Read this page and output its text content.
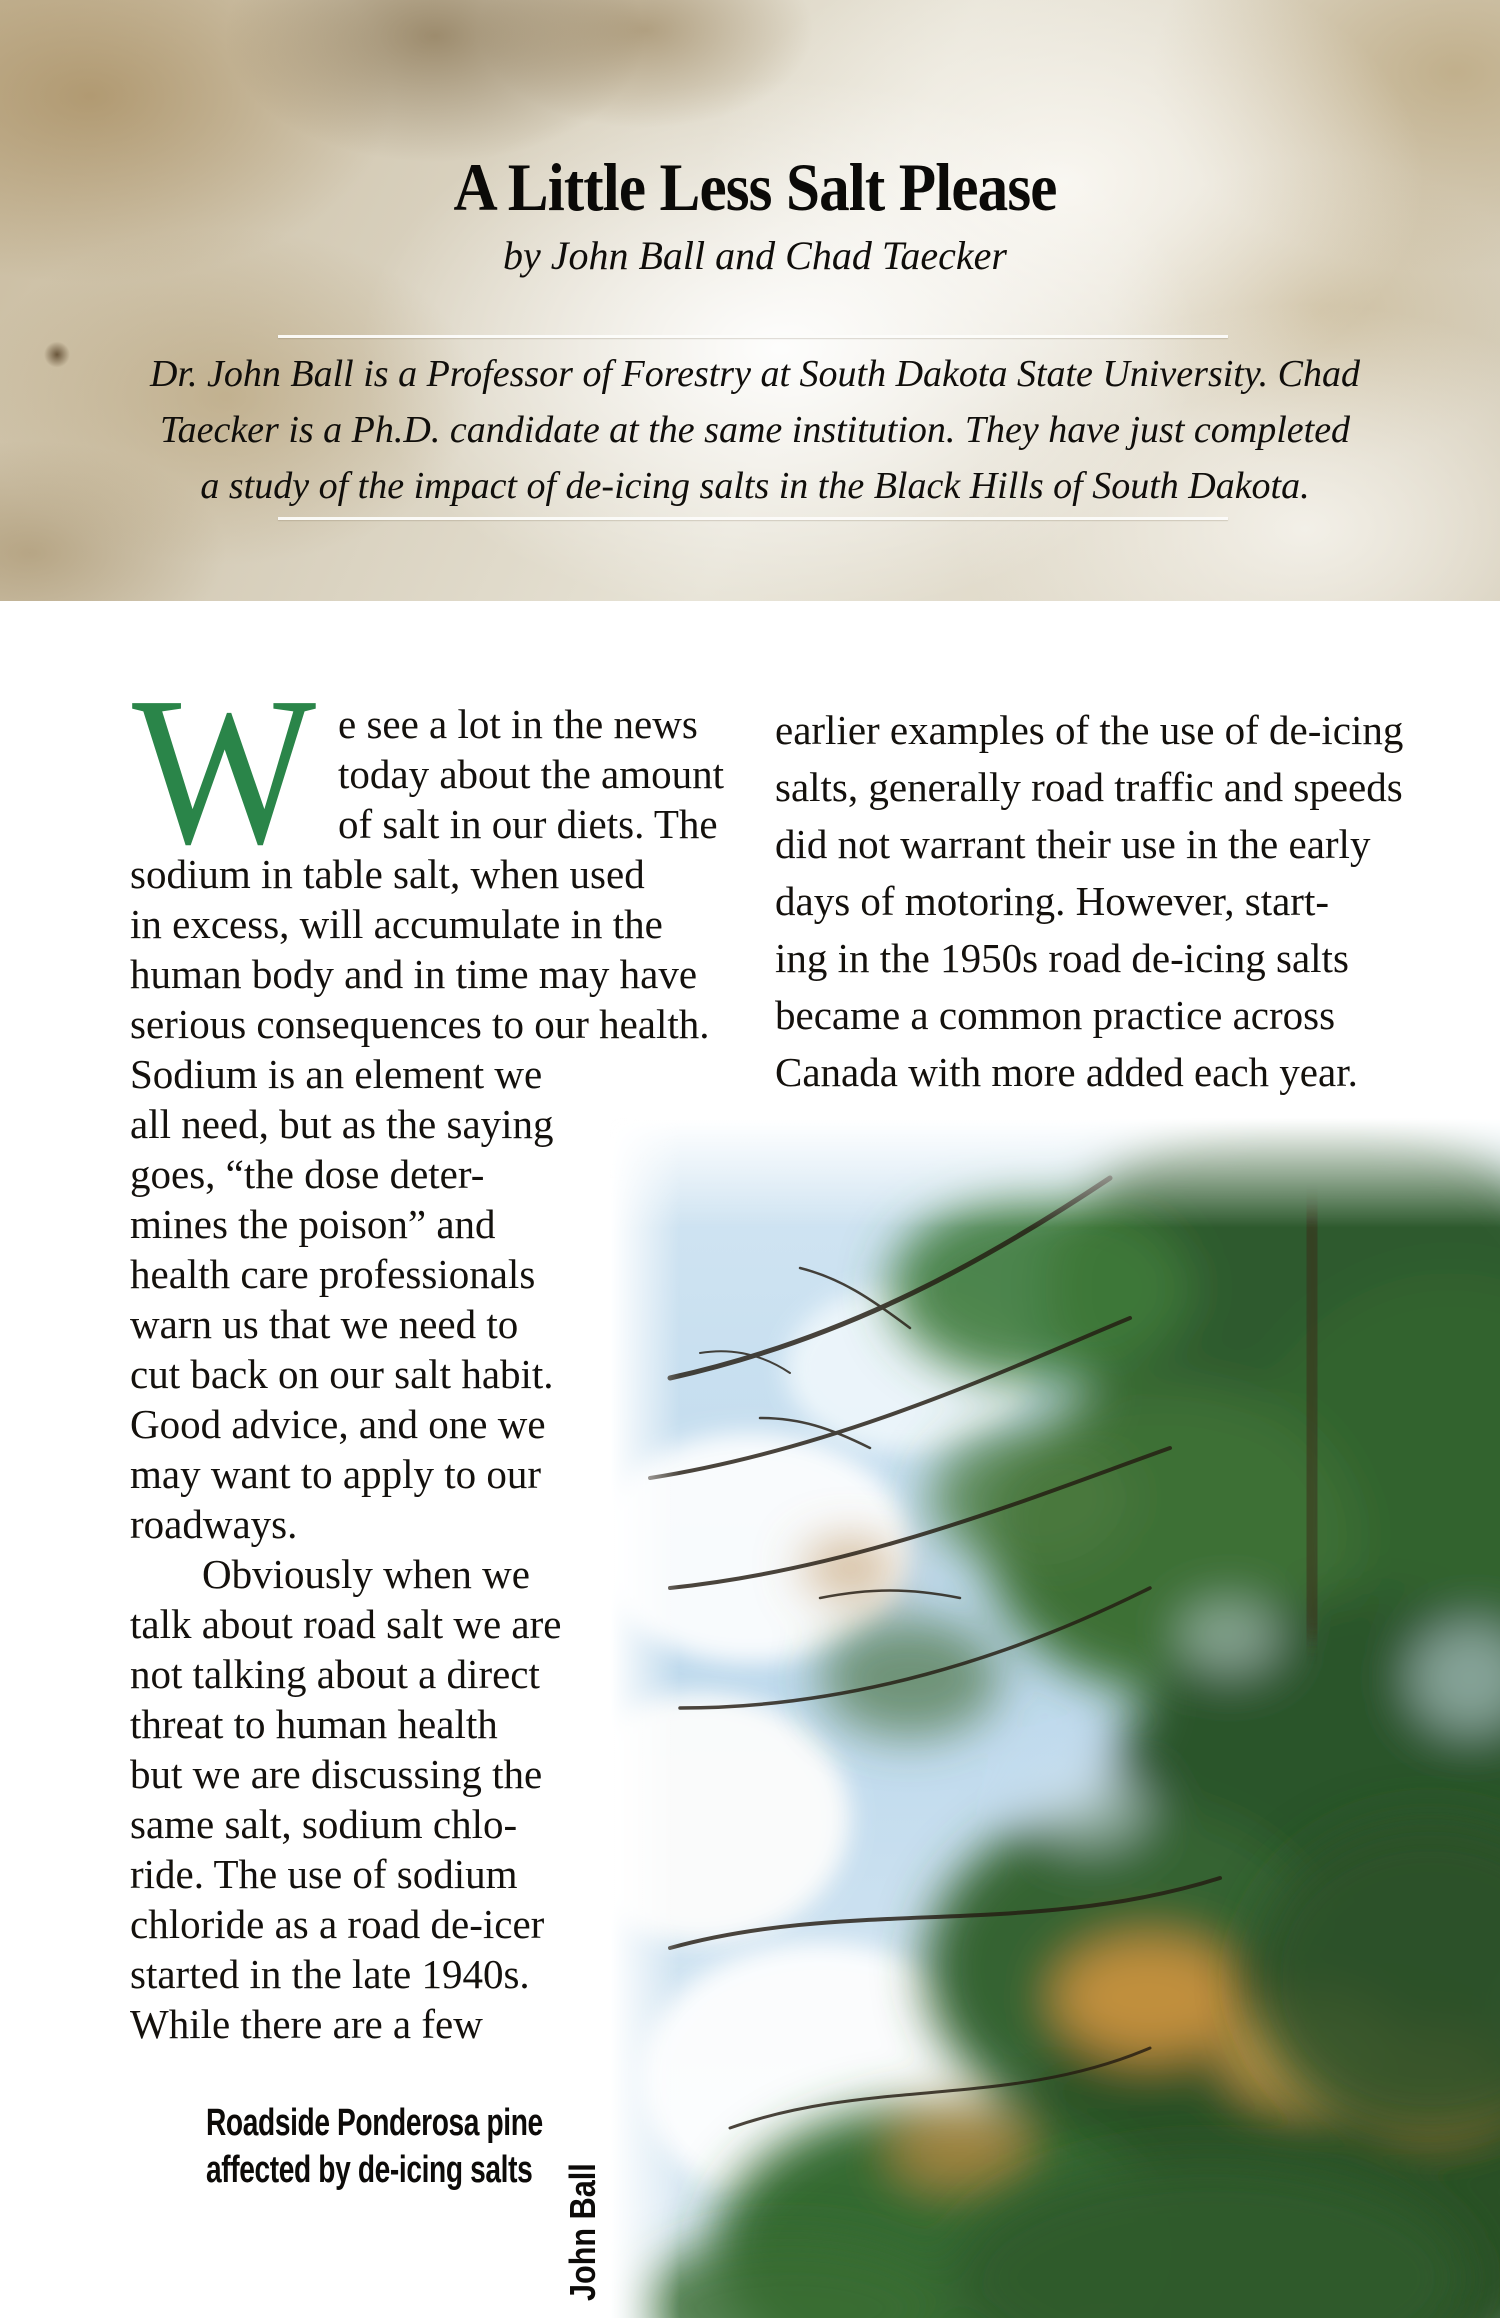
A Little Less Salt Please
by John Ball and Chad Taecker
Dr. John Ball is a Professor of Forestry at South Dakota State University. Chad
Taecker is a Ph.D. candidate at the same institution. They have just completed
a study of the impact of de-icing salts in the Black Hills of South Dakota.
W e see a lot in the news
today about the amount
of salt in our diets. The
sodium in table salt, when used
in excess, will accumulate in the
human body and in time may have
serious consequences to our health.
Sodium is an element we
all need, but as the saying
goes, “the dose deter-
mines the poison” and
health care professionals
warn us that we need to
cut back on our salt habit.
Good advice, and one we
may want to apply to our
roadways.
Obviously when we
talk about road salt we are
not talking about a direct
threat to human health
but we are discussing the
same salt, sodium chlo-
ride. The use of sodium
chloride as a road de-icer
started in the late 1940s.
While there are a few
earlier examples of the use of de-icing
salts, generally road traffic and speeds
did not warrant their use in the early
days of motoring. However, start-
ing in the 1950s road de-icing salts
became a common practice across
Canada with more added each year.
Roadside Ponderosa pine
affected by de-icing salts John Ball
